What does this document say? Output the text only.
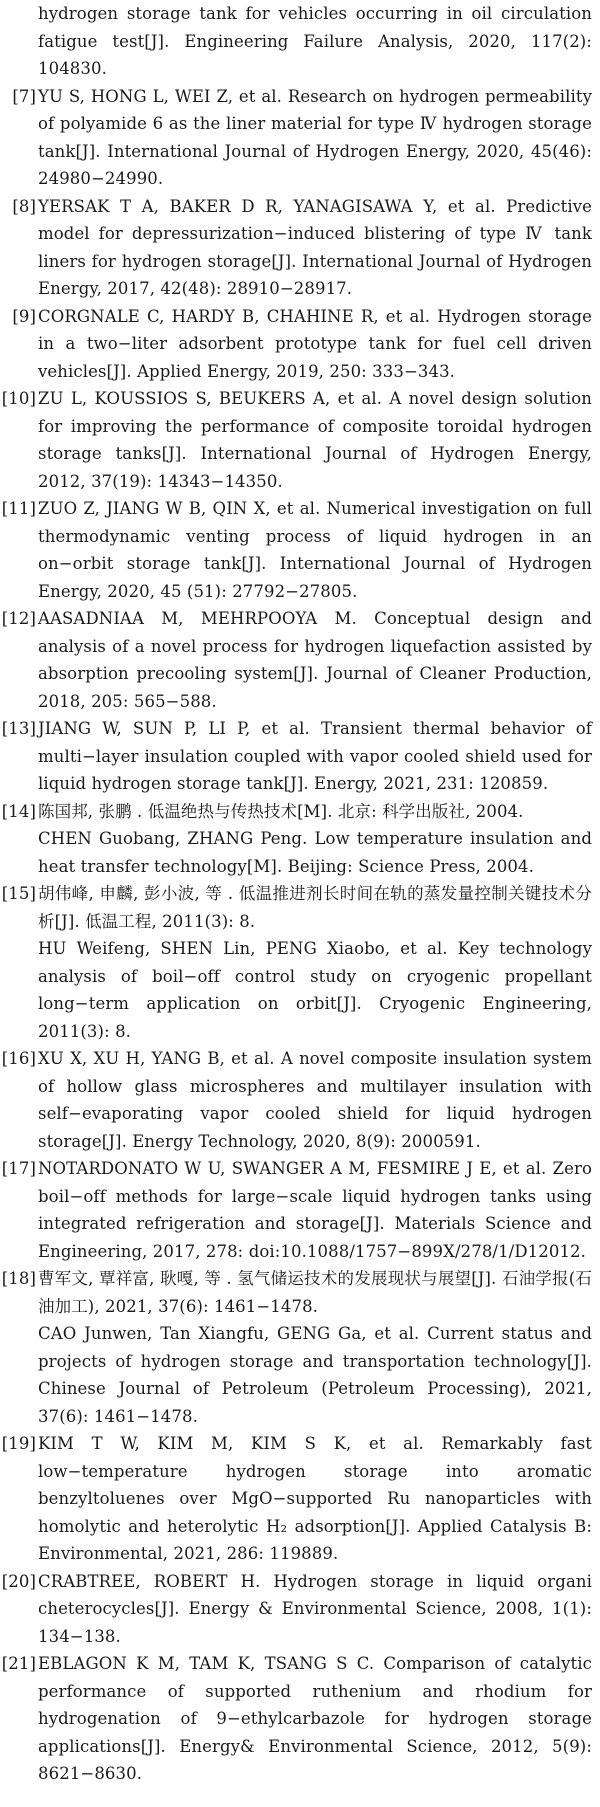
hydrogen storage tank for vehicles occurring in oil circulation fatigue test[J]. Engineering Failure Analysis, 2020, 117(2): 104830.
[7] YU S, HONG L, WEI Z, et al. Research on hydrogen permeability of polyamide 6 as the liner material for type Ⅳ hydrogen storage tank[J]. International Journal of Hydrogen Energy, 2020, 45(46): 24980−24990.
[8] YERSAK T A, BAKER D R, YANAGISAWA Y, et al. Predictive model for depressurization−induced blistering of type Ⅳ tank liners for hydrogen storage[J]. International Journal of Hydrogen Energy, 2017, 42(48): 28910−28917.
[9] CORGNALE C, HARDY B, CHAHINE R, et al. Hydrogen storage in a two−liter adsorbent prototype tank for fuel cell driven vehicles[J]. Applied Energy, 2019, 250: 333−343.
[10] ZU L, KOUSSIOS S, BEUKERS A, et al. A novel design solution for improving the performance of composite toroidal hydrogen storage tanks[J]. International Journal of Hydrogen Energy, 2012, 37(19): 14343−14350.
[11] ZUO Z, JIANG W B, QIN X, et al. Numerical investigation on full thermodynamic venting process of liquid hydrogen in an on−orbit storage tank[J]. International Journal of Hydrogen Energy, 2020, 45 (51): 27792−27805.
[12] AASADNIAA M, MEHRPOOYA M. Conceptual design and analysis of a novel process for hydrogen liquefaction assisted by absorption precooling system[J]. Journal of Cleaner Production, 2018, 205: 565−588.
[13] JIANG W, SUN P, LI P, et al. Transient thermal behavior of multi−layer insulation coupled with vapor cooled shield used for liquid hydrogen storage tank[J]. Energy, 2021, 231: 120859.
[14] 陈国邦, 张鹏 . 低温绝热与传热技术[M]. 北京: 科学出版社, 2004.
CHEN Guobang, ZHANG Peng. Low temperature insulation and heat transfer technology[M]. Beijing: Science Press, 2004.
[15] 胡伟峰, 申麟, 彭小波, 等 . 低温推进剂长时间在轨的蒸发量控制关键技术分析[J]. 低温工程, 2011(3): 8.
HU Weifeng, SHEN Lin, PENG Xiaobo, et al. Key technology analysis of boil−off control study on cryogenic propellant long−term application on orbit[J]. Cryogenic Engineering, 2011(3): 8.
[16] XU X, XU H, YANG B, et al. A novel composite insulation system of hollow glass microspheres and multilayer insulation with self−evaporating vapor cooled shield for liquid hydrogen storage[J]. Energy Technology, 2020, 8(9): 2000591.
[17] NOTARDONATO W U, SWANGER A M, FESMIRE J E, et al. Zero boil−off methods for large−scale liquid hydrogen tanks using integrated refrigeration and storage[J]. Materials Science and Engineering, 2017, 278: doi:10.1088/1757−899X/278/1/D12012.
[18] 曹军文, 覃祥富, 耿嘎, 等 . 氢气储运技术的发展现状与展望[J]. 石油学报(石油加工), 2021, 37(6): 1461−1478.
CAO Junwen, Tan Xiangfu, GENG Ga, et al. Current status and projects of hydrogen storage and transportation technology[J]. Chinese Journal of Petroleum (Petroleum Processing), 2021, 37(6): 1461−1478.
[19] KIM T W, KIM M, KIM S K, et al. Remarkably fast low−temperature hydrogen storage into aromatic benzyltoluenes over MgO−supported Ru nanoparticles with homolytic and heterolytic H₂ adsorption[J]. Applied Catalysis B: Environmental, 2021, 286: 119889.
[20] CRABTREE, ROBERT H. Hydrogen storage in liquid organi cheterocycles[J]. Energy & Environmental Science, 2008, 1(1): 134−138.
[21] EBLAGON K M, TAM K, TSANG S C. Comparison of catalytic performance of supported ruthenium and rhodium for hydrogenation of 9−ethylcarbazole for hydrogen storage applications[J]. Energy& Environmental Science, 2012, 5(9): 8621−8630.
